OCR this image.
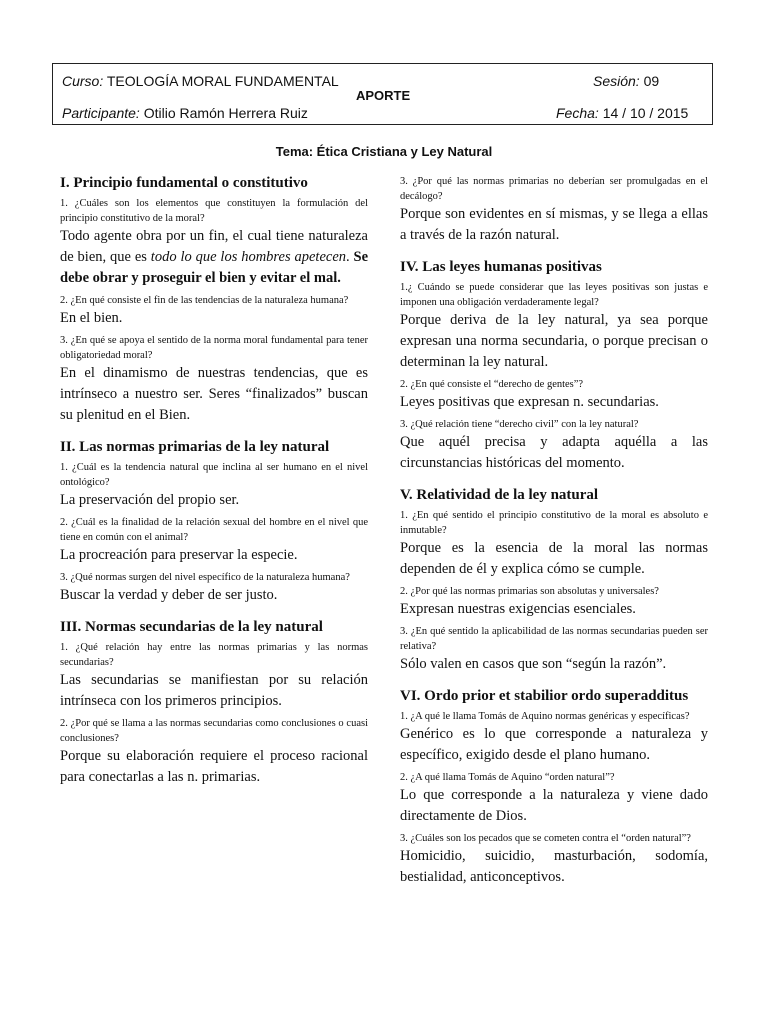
Curso: TEOLOGÍA MORAL FUNDAMENTAL
APORTE
Sesión: 09
Participante: Otilio Ramón Herrera Ruiz	Fecha: 14 / 10 / 2015
Tema: Ética Cristiana y Ley Natural
I. Principio fundamental o constitutivo

1. ¿Cuáles son los elementos que constituyen la formulación del principio constitutivo de la moral?

Todo agente obra por un fin, el cual tiene naturaleza de bien, que es todo lo que los hombres apetecen. Se debe obrar y proseguir el bien y evitar el mal.

2. ¿En qué consiste el fin de las tendencias de la naturaleza humana?

En el bien.

3. ¿En qué se apoya el sentido de la norma moral fundamental para tener obligatoriedad moral?

En el dinamismo de nuestras tendencias, que es intrínseco a nuestro ser. Seres “finalizados” buscan su plenitud en el Bien.

II. Las normas primarias de la ley natural

1. ¿Cuál es la tendencia natural que inclina al ser humano en el nivel ontológico?

La preservación del propio ser.

2. ¿Cuál es la finalidad de la relación sexual del hombre en el nivel que tiene en común con el animal?

La procreación para preservar la especie.

3. ¿Qué normas surgen del nivel específico de la naturaleza humana?

Buscar la verdad y deber de ser justo.

III. Normas secundarias de la ley natural

1. ¿Qué relación hay entre las normas primarias y las normas secundarias?

Las secundarias se manifiestan por su relación intrínseca con los primeros principios.

2. ¿Por qué se llama a las normas secundarias como conclusiones o cuasi conclusiones?

Porque su elaboración requiere el proceso racional para conectarlas a las n. primarias.

3. ¿Por qué las normas primarias no deberían ser promulgadas en el decálogo?

Porque son evidentes en sí mismas, y se llega a ellas a través de la razón natural.

IV. Las leyes humanas positivas

1.¿ Cuándo se puede considerar que las leyes positivas son justas e imponen una obligación verdaderamente legal?

Porque deriva de la ley natural, ya sea porque expresan una norma secundaria, o porque precisan o determinan la ley natural.

2. ¿En qué consiste el “derecho de gentes”?

Leyes positivas que expresan n. secundarias.

3. ¿Qué relación tiene “derecho civil” con la ley natural?

Que aquél precisa y adapta aquélla a las circunstancias históricas del momento.

V. Relatividad de la ley natural

1. ¿En qué sentido el principio constitutivo de la moral es absoluto e inmutable?

Porque es la esencia de la moral las normas dependen de él y explica cómo se cumple.

2. ¿Por qué las normas primarias son absolutas y universales?

Expresan nuestras exigencias esenciales.

3. ¿En qué sentido la aplicabilidad de las normas secundarias pueden ser relativa?

Sólo valen en casos que son “según la razón”.

VI. Ordo prior et stabilior ordo superadditus

1. ¿A qué le llama Tomás de Aquino normas genéricas y específicas?

Genérico es lo que corresponde a naturaleza y específico, exigido desde el plano humano.

2. ¿A qué llama Tomás de Aquino “orden natural”?

Lo que corresponde a la naturaleza y viene dado directamente de Dios.

3. ¿Cuáles son los pecados que se cometen contra el “orden natural”?

Homicidio, suicidio, masturbación, sodomía, bestialidad, anticonceptivos.
